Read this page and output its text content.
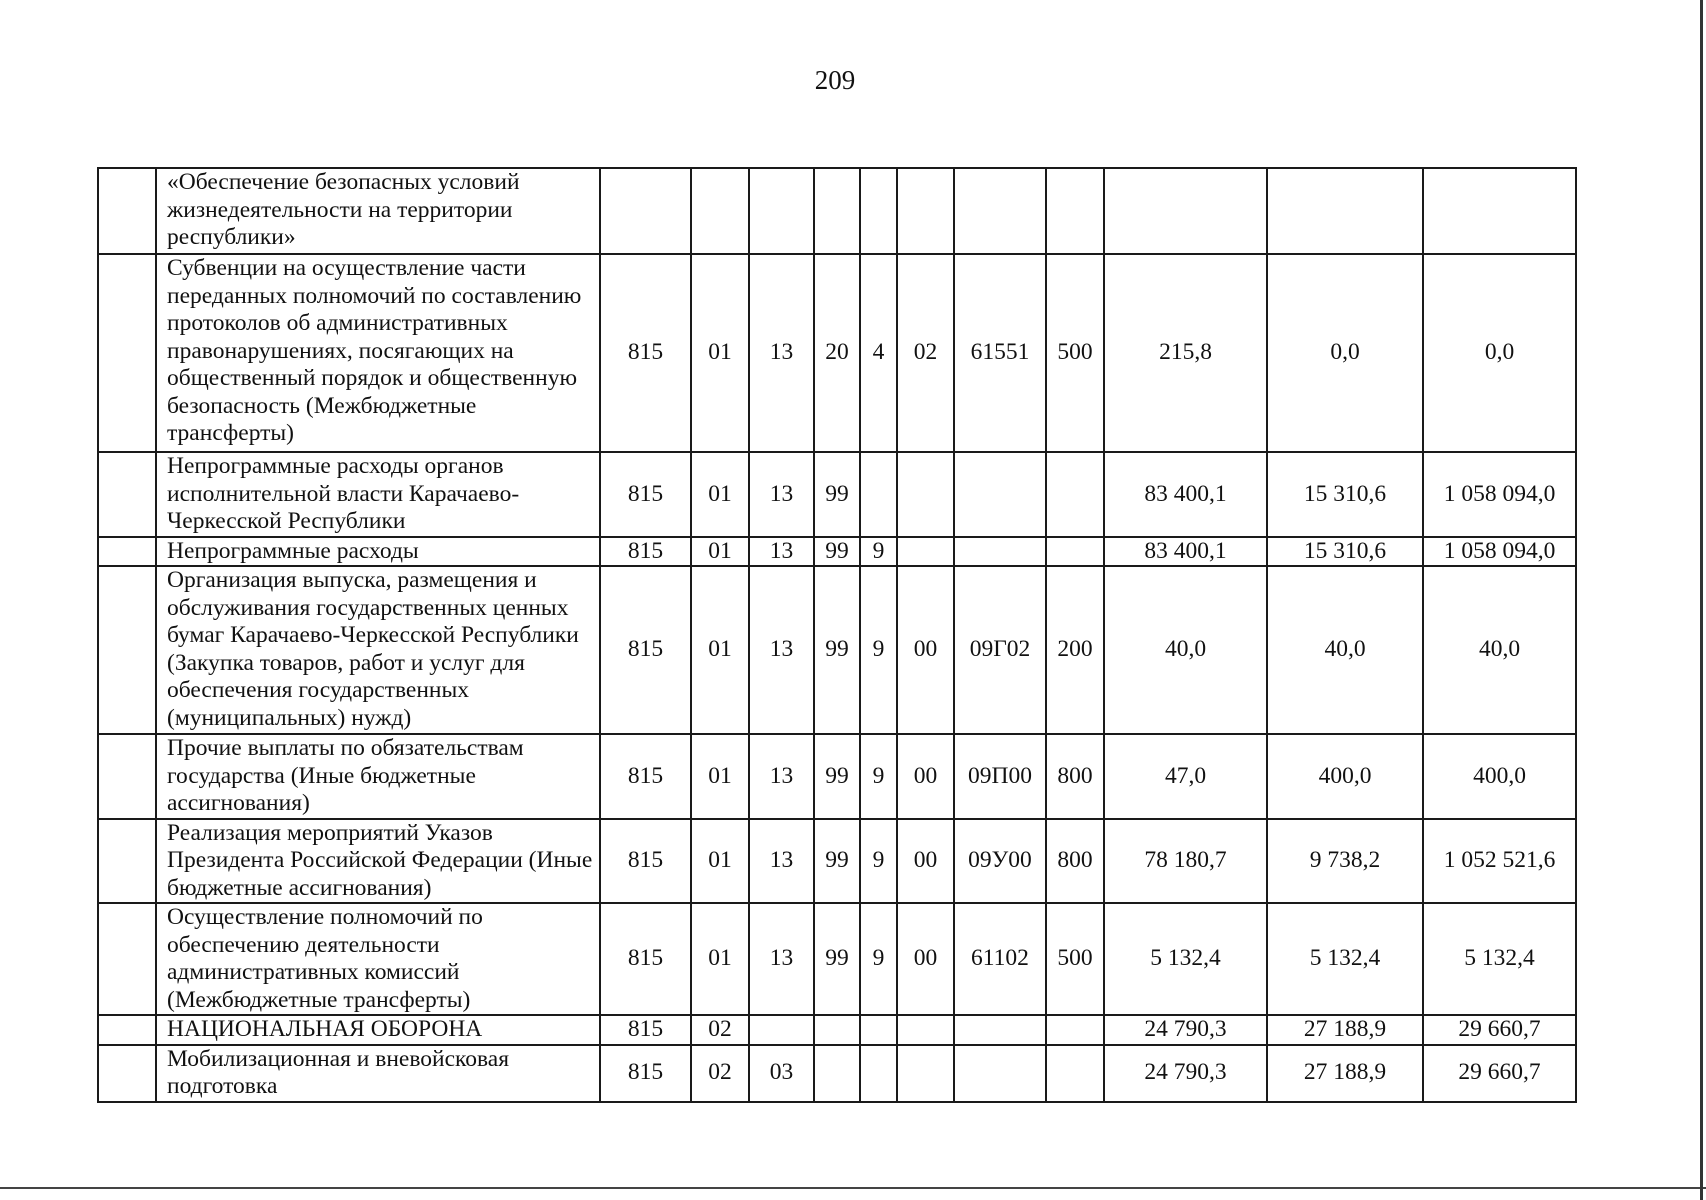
209
	«Обеспечение безопасных условий жизнедеятельности на территории республики»											
	Субвенции на осуществление части переданных полномочий по составлению протоколов об административных правонарушениях, посягающих на общественный порядок и общественную безопасность (Межбюджетные трансферты)	815	01	13	20	4	02	61551	500	215,8	0,0	0,0
	Непрограммные расходы органов исполнительной власти Карачаево-Черкесской Республики	815	01	13	99					83 400,1	15 310,6	1 058 094,0
	Непрограммные расходы	815	01	13	99	9				83 400,1	15 310,6	1 058 094,0
	Организация выпуска, размещения и обслуживания государственных ценных бумаг Карачаево-Черкесской Республики (Закупка товаров, работ и услуг для обеспечения государственных (муниципальных) нужд)	815	01	13	99	9	00	09Г02	200	40,0	40,0	40,0
	Прочие выплаты по обязательствам государства (Иные бюджетные ассигнования)	815	01	13	99	9	00	09П00	800	47,0	400,0	400,0
	Реализация мероприятий Указов Президента Российской Федерации (Иные бюджетные ассигнования)	815	01	13	99	9	00	09У00	800	78 180,7	9 738,2	1 052 521,6
	Осуществление полномочий по обеспечению деятельности административных комиссий (Межбюджетные трансферты)	815	01	13	99	9	00	61102	500	5 132,4	5 132,4	5 132,4
	НАЦИОНАЛЬНАЯ ОБОРОНА	815	02							24 790,3	27 188,9	29 660,7
	Мобилизационная и вневойсковая подготовка	815	02	03						24 790,3	27 188,9	29 660,7
